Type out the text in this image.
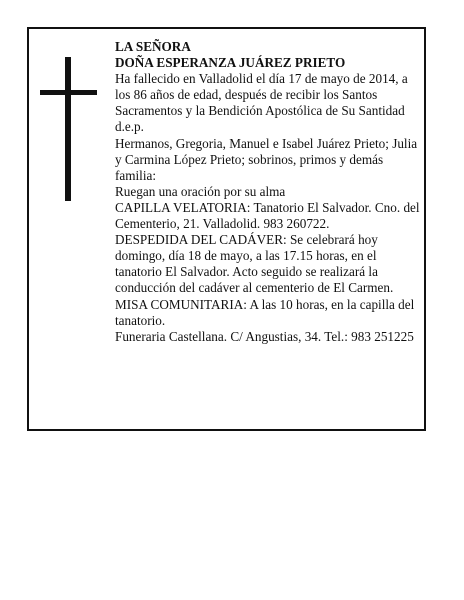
LA SEÑORA

DOÑA ESPERANZA JUÁREZ PRIETO

Ha fallecido en Valladolid el día 17 de mayo de 2014, a los 86 años de edad, después de recibir los Santos Sacramentos y la Bendición Apostólica de Su Santidad d.e.p.

Hermanos, Gregoria, Manuel e Isabel Juárez Prieto; Julia y Carmina López Prieto; sobrinos, primos y demás familia:

Ruegan una oración por su alma

CAPILLA VELATORIA: Tanatorio El Salvador. Cno. del Cementerio, 21. Valladolid. 983 260722.

DESPEDIDA DEL CADÁVER: Se celebrará hoy domingo, día 18 de mayo, a las 17.15 horas, en el tanatorio El Salvador. Acto seguido se realizará la conducción del cadáver al cementerio de El Carmen.

MISA COMUNITARIA: A las 10 horas, en la capilla del tanatorio.

Funeraria Castellana. C/ Angustias, 34. Tel.: 983 251225
